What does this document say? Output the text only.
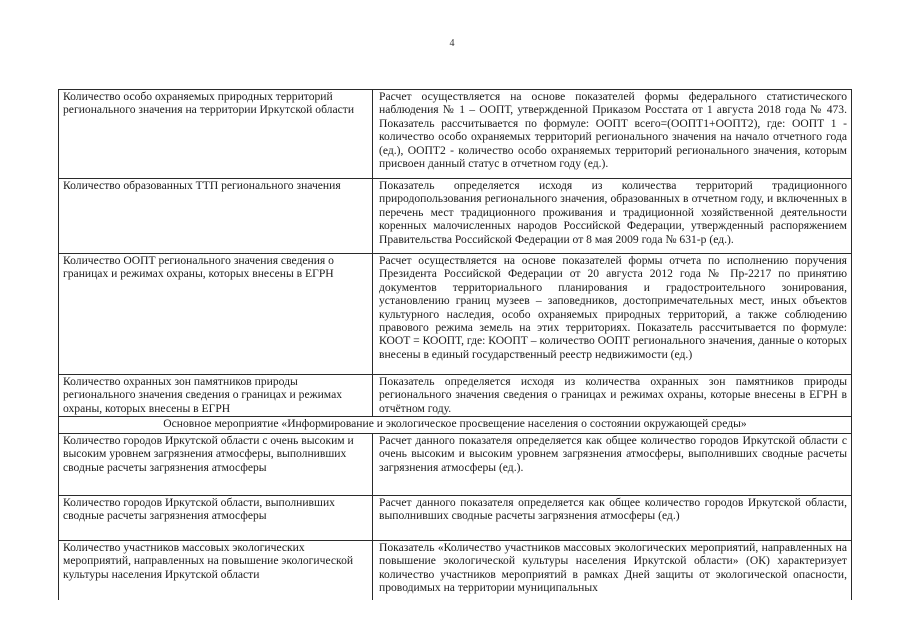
4
Количество особо охраняемых природных территорий регионального значения на территории Иркутской области	Расчет осуществляется на основе показателей формы федерального статистического наблюдения № 1 – ООПТ, утвержденной Приказом Росстата от 1 августа 2018 года № 473. Показатель рассчитывается по формуле: ООПТ всего=(ООПТ1+ООПТ2), где: ООПТ 1 - количество особо охраняемых территорий регионального значения на начало отчетного года (ед.), ООПТ2 - количество особо охраняемых территорий регионального значения, которым присвоен данный статус в отчетном году (ед.).
Количество образованных ТТП регионального значения	Показатель определяется исходя из количества территорий традиционного природопользования регионального значения, образованных в отчетном году, и включенных в перечень мест традиционного проживания и традиционной хозяйственной деятельности коренных малочисленных народов Российской Федерации, утвержденный распоряжением Правительства Российской Федерации от 8 мая 2009 года № 631-р (ед.).
Количество ООПТ регионального значения сведения о границах и режимах охраны, которых внесены в ЕГРН	Расчет осуществляется на основе показателей формы отчета по исполнению поручения Президента Российской Федерации от 20 августа 2012 года № Пр-2217 по принятию документов территориального планирования и градостроительного зонирования, установлению границ музеев – заповедников, достопримечательных мест, иных объектов культурного наследия, особо охраняемых природных территорий, а также соблюдению правового режима земель на этих территориях. Показатель рассчитывается по формуле: КООТ = КООПТ, где: КООПТ – количество ООПТ регионального значения, данные о которых внесены в единый государственный реестр недвижимости (ед.)
Количество охранных зон памятников природы регионального значения сведения о границах и режимах охраны, которых внесены в ЕГРН	Показатель определяется исходя из количества охранных зон памятников природы регионального значения сведения о границах и режимах охраны, которые внесены в ЕГРН в отчётном году.
Основное мероприятие «Информирование и экологическое просвещение населения о состоянии окружающей среды»	
Количество городов Иркутской области с очень высоким и высоким уровнем загрязнения атмосферы, выполнивших сводные расчеты загрязнения атмосферы	Расчет данного показателя определяется как общее количество городов Иркутской области с очень высоким и высоким уровнем загрязнения атмосферы, выполнивших сводные расчеты загрязнения атмосферы (ед.).
Количество городов Иркутской области, выполнивших сводные расчеты загрязнения атмосферы	Расчет данного показателя определяется как общее количество городов Иркутской области, выполнивших сводные расчеты загрязнения атмосферы (ед.)
Количество участников массовых экологических мероприятий, направленных на повышение экологической культуры населения Иркутской области	Показатель «Количество участников массовых экологических мероприятий, направленных на повышение экологической культуры населения Иркутской области» (ОК) характеризует количество участников мероприятий в рамках Дней защиты от экологической опасности, проводимых на территории муниципальных
